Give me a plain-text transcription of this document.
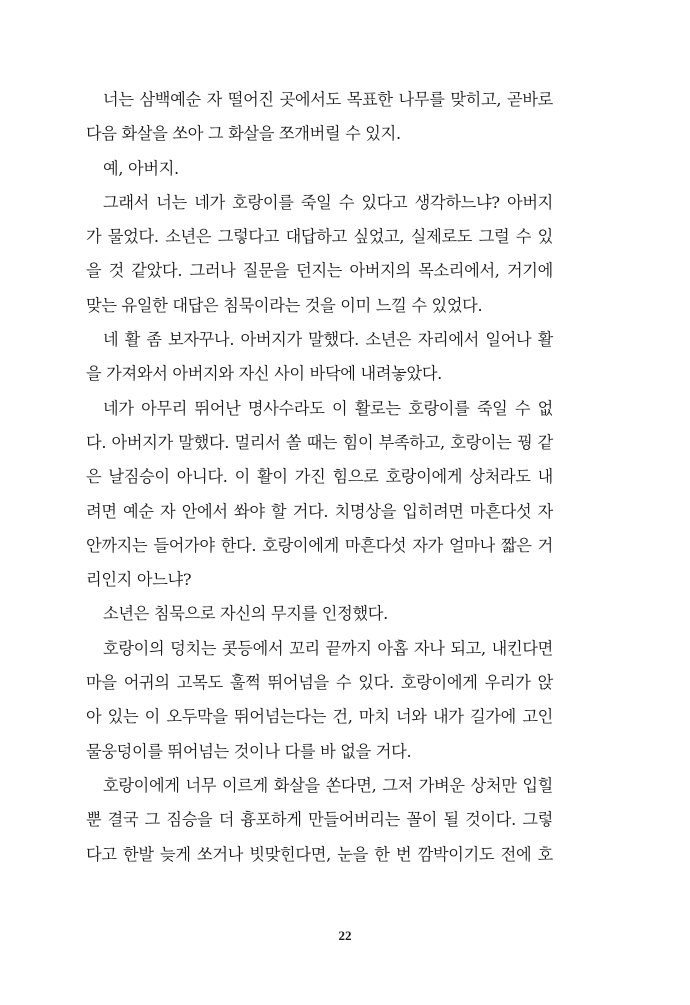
너는 삼백예순 자 떨어진 곳에서도 목표한 나무를 맞히고, 곧바로
다음 화살을 쏘아 그 화살을 쪼개버릴 수 있지.
예, 아버지.
그래서 너는 네가 호랑이를 죽일 수 있다고 생각하느냐? 아버지
가 물었다. 소년은 그렇다고 대답하고 싶었고, 실제로도 그럴 수 있
을 것 같았다. 그러나 질문을 던지는 아버지의 목소리에서, 거기에
맞는 유일한 대답은 침묵이라는 것을 이미 느낄 수 있었다.
네 활 좀 보자꾸나. 아버지가 말했다. 소년은 자리에서 일어나 활
을 가져와서 아버지와 자신 사이 바닥에 내려놓았다.
네가 아무리 뛰어난 명사수라도 이 활로는 호랑이를 죽일 수 없
다. 아버지가 말했다. 멀리서 쏠 때는 힘이 부족하고, 호랑이는 꿩 같
은 날짐승이 아니다. 이 활이 가진 힘으로 호랑이에게 상처라도 내
려면 예순 자 안에서 쏴야 할 거다. 치명상을 입히려면 마흔다섯 자
안까지는 들어가야 한다. 호랑이에게 마흔다섯 자가 얼마나 짧은 거
리인지 아느냐?
소년은 침묵으로 자신의 무지를 인정했다.
호랑이의 덩치는 콧등에서 꼬리 끝까지 아홉 자나 되고, 내킨다면
마을 어귀의 고목도 훌쩍 뛰어넘을 수 있다. 호랑이에게 우리가 앉
아 있는 이 오두막을 뛰어넘는다는 건, 마치 너와 내가 길가에 고인
물웅덩이를 뛰어넘는 것이나 다를 바 없을 거다.
호랑이에게 너무 이르게 화살을 쏜다면, 그저 가벼운 상처만 입힐
뿐 결국 그 짐승을 더 흉포하게 만들어버리는 꼴이 될 것이다. 그렇
다고 한발 늦게 쏘거나 빗맞힌다면, 눈을 한 번 깜박이기도 전에 호
22
